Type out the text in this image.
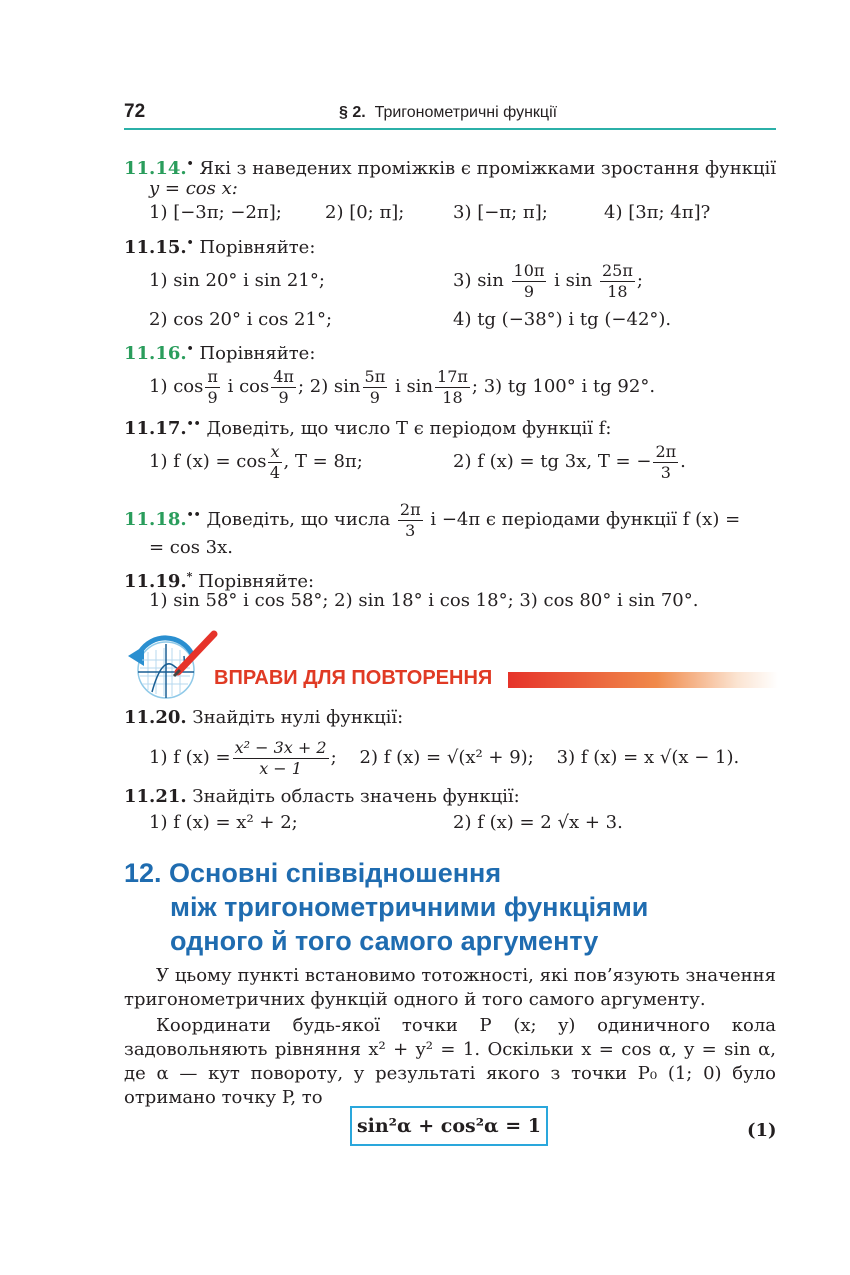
72	§ 2. Тригонометричні функції
11.14.• Які з наведених проміжків є проміжками зростання функції
y = cos x:
1) [−3π; −2π]; 2) [0; π];	3) [−π; π];	4) [3π; 4π]?
11.15.• Порівняйте:
1) sin 20° і sin 21°;	3) $\sin \frac{10\pi}{9}$ і $\sin \frac{25\pi}{18}$ ;
2) cos 20° і cos 21°;	4) tg (−38°) і tg (−42°).
11.16.• Порівняйте:
1) $\cos \frac{\pi}{9}$ і $\cos \frac{4\pi}{9}$ ; 2) $\sin \frac{5\pi}{9}$ і $\sin \frac{17\pi}{18}$ ; 3) tg 100° і tg 92°.
11.17.•• Доведіть, що число T є періодом функції f:
1) f $(x) = \cos \frac{x}{4}$ , T = 8π;	2) f (x) = tg 3x, T = − $\frac{2\pi}{3}$ .
11.18.•• Доведіть, що числа $\frac{2\pi}{3}$ і −4π є періодами функції f (x) =
= cos 3x.
11.19.* Порівняйте:
1) sin 58° і cos 58°; 2) sin 18° і cos 18°; 3) cos 80° і sin 70°.
ВПРАВИ ДЛЯ ПОВТОРЕННЯ
11.20. Знайдіть нулі функції:
1) f $(x) = \frac{\text{x² − 3x + 2}}{x - 1}$ ; 2) f (x) = √(x² + 9); 3) f (x) = x √(x − 1).
11.21. Знайдіть область значень функції:
1) f (x) = x² + 2;	2) f (x) = 2 √x + 3.
12. Основні співвідношення
між тригонометричними функціями
одного й того самого аргументу
У цьому пункті встановимо тотожності, які пов’язують значення тригонометричних функцій одного й того самого аргументу.
Координати будь-якої точки P (x; y) одиничного кола задовольняють рівняння x² + y² = 1. Оскільки x = cos α, y = sin α, де α — кут повороту, у результаті якого з точки P₀ (1; 0) було отримано точку P, то
sin²α + cos²α = 1	(1)
